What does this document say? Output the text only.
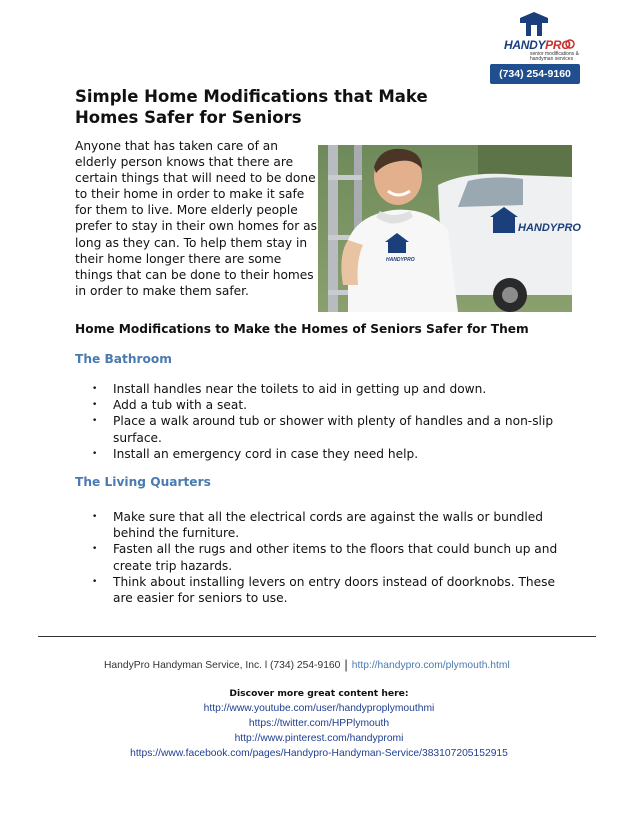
HANDYPRO
senior modifications & handyman services
(734) 254-9160
Simple Home Modifications that Make Homes Safer for Seniors
HANDYPRO
HANDYPRO

Anyone that has taken care of an elderly person knows that there are certain things that will need to be done to their home in order to make it safe for them to live. More elderly people prefer to stay in their own homes for as long as they can. To help them stay in their home longer there are some things that can be done to their homes in order to make them safer.

Home Modifications to Make the Homes of Seniors Safer for Them
The Bathroom
• Install handles near the toilets to aid in getting up and down.
• Add a tub with a seat.
• Place a walk around tub or shower with plenty of handles and a non-slip surface.
• Install an emergency cord in case they need help.
The Living Quarters
• Make sure that all the electrical cords are against the walls or bundled behind the furniture.
• Fasten all the rugs and other items to the floors that could bunch up and create trip hazards.
• Think about installing levers on entry doors instead of doorknobs. These are easier for seniors to use.
HandyPro Handyman Service, Inc. l (734) 254-9160 | http://handypro.com/plymouth.html
Discover more great content here:
http://www.youtube.com/user/handyproplymouthmi
https://twitter.com/HPPlymouth
http://www.pinterest.com/handypromi
https://www.facebook.com/pages/Handypro-Handyman-Service/383107205152915
